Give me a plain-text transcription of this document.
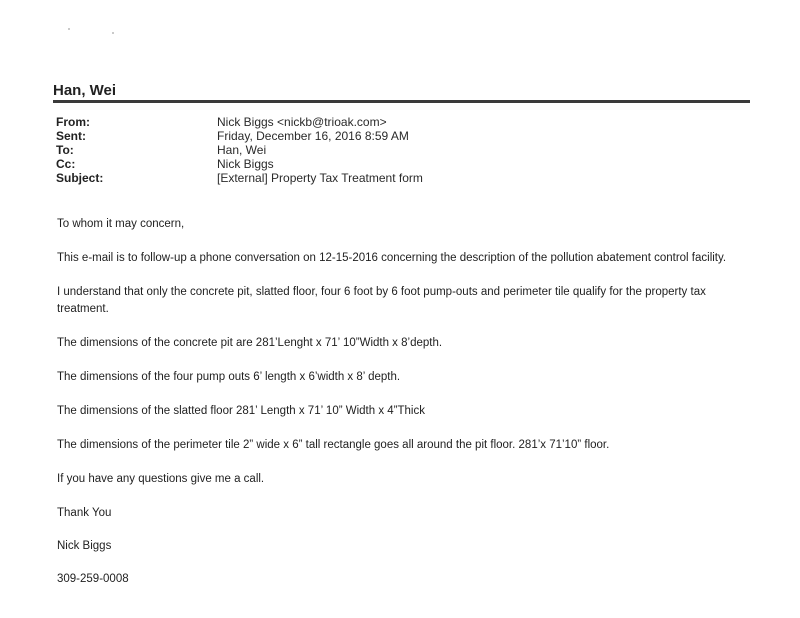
Han, Wei
From:	Nick Biggs <nickb@trioak.com>
Sent:	Friday, December 16, 2016 8:59 AM
To:	Han, Wei
Cc:	Nick Biggs
Subject:	[External] Property Tax Treatment form

To whom it may concern,

This e-mail is to follow-up a phone conversation on 12-15-2016 concerning the description of the pollution abatement control facility.

I understand that only the concrete pit, slatted floor, four 6 foot by 6 foot pump-outs and perimeter tile qualify for the property tax treatment.

The dimensions of the concrete pit are 281’Lenght x 71’ 10”Width x 8’depth.

The dimensions of the four pump outs 6’ length x 6’width x 8’ depth.

The dimensions of the slatted floor 281’ Length x 71’ 10” Width x 4”Thick

The dimensions of the perimeter tile 2” wide x 6” tall rectangle goes all around the pit floor. 281’x 71’10” floor.

If you have any questions give me a call.

Thank You

Nick Biggs

309-259-0008
